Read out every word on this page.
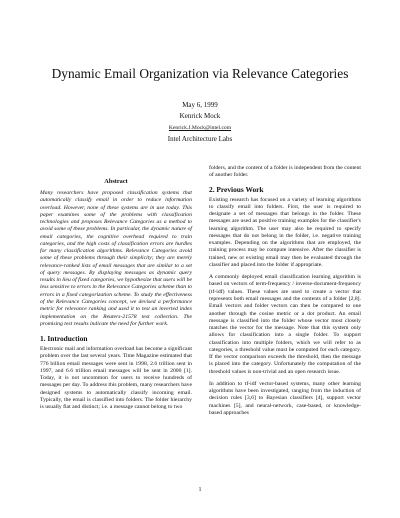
Dynamic Email Organization via Relevance Categories
May 6, 1999
Kenrick Mock
Kenrick.J.Mock@intel.com
Intel Architecture Labs
Abstract

Many researchers have proposed classification systems that automatically classify email in order to reduce information overload. However, none of these systems are in use today. This paper examines some of the problems with classification technologies and proposes Relevance Categories as a method to avoid some of these problems. In particular, the dynamic nature of email categories, the cognitive overhead required to train categories, and the high costs of classification errors are hurdles for many classification algorithms. Relevance Categories avoid some of these problems through their simplicity; they are merely relevance-ranked lists of email messages that are similar to a set of query messages. By displaying messages as dynamic query results in lieu of fixed categories, we hypothesize that users will be less sensitive to errors in the Relevance Categories scheme than to errors in a fixed categorization scheme. To study the effectiveness of the Relevance Categories concept, we devised a performance metric for relevance ranking and used it to test an inverted index implementation on the Reuters-21578 test collection. The promising test results indicate the need for further work.

1. Introduction

Electronic mail and information overload has become a significant problem over the last several years. Time Magazine estimated that 776 billion email messages were sent in 1998, 2.6 trillion sent in 1997, and 6.6 trillion email messages will be sent in 2000 [1]. Today, it is not uncommon for users to receive hundreds of messages per day. To address this problem, many researchers have designed systems to automatically classify incoming email. Typically, the email is classified into folders. The folder hierarchy is usually flat and distinct; i.e. a message cannot belong to two

folders, and the content of a folder is independent from the content of another folder.

2. Previous Work

Existing research has focused on a variety of learning algorithms to classify email into folders. First, the user is required to designate a set of messages that belongs in the folder. These messages are used as positive training examples for the classifier's learning algorithm. The user may also be required to specify messages that do not belong in the folder, i.e. negative training examples. Depending on the algorithms that are employed, the training process may be compute intensive. After the classifier is trained, new or existing email may then be evaluated through the classifier and placed into the folder if appropriate.

A commonly deployed email classification learning algorithm is based on vectors of term-frequency / inverse-document-frequency (tf-idf) values. These values are used to create a vector that represents both email messages and the contents of a folder [2,8]. Email vectors and folder vectors can then be compared to one another through the cosine metric or a dot product. An email message is classified into the folder whose vector most closely matches the vector for the message. Note that this system only allows for classification into a single folder. To support classification into multiple folders, which we will refer to as categories, a threshold value must be computed for each category. If the vector comparison exceeds the threshold, then the message is placed into the category. Unfortunately the computation of the threshold values is non-trivial and an open research issue.

In addition to tf-idf vector-based systems, many other learning algorithms have been investigated, ranging from the induction of decision rules [3,6] to Bayesian classifiers [4], support vector machines [5], and neural-network, case-based, or knowledge-based approaches

1
